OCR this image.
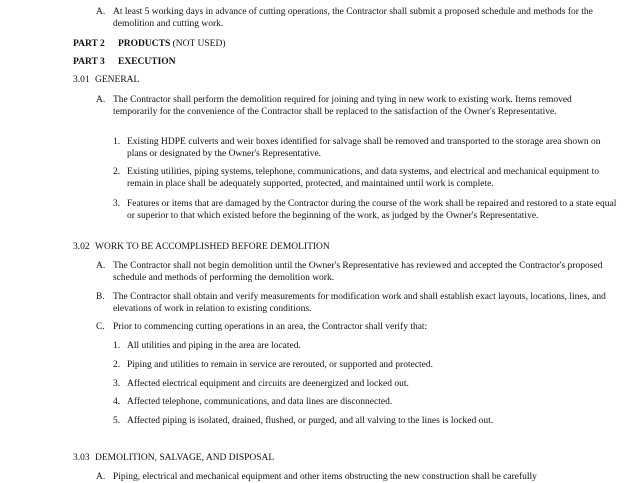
A. At least 5 working days in advance of cutting operations, the Contractor shall submit a proposed schedule and methods for the demolition and cutting work.
PART 2	PRODUCTS
(NOT USED)
PART 3	EXECUTION
3.01 GENERAL
A. The Contractor shall perform the demolition required for joining and tying in new work to existing work. Items removed temporarily for the convenience of the Contractor shall be replaced to the satisfaction of the Owner's Representative.
1. Existing HDPE culverts and weir boxes identified for salvage shall be removed and transported to the storage area shown on plans or designated by the Owner's Representative.
2. Existing utilities, piping systems, telephone, communications, and data systems, and electrical and mechanical equipment to remain in place shall be adequately supported, protected, and maintained until work is complete.
3. Features or items that are damaged by the Contractor during the course of the work shall be repaired and restored to a state equal or superior to that which existed before the beginning of the work, as judged by the Owner's Representative.
3.02 WORK TO BE ACCOMPLISHED BEFORE DEMOLITION
A. The Contractor shall not begin demolition until the Owner's Representative has reviewed and accepted the Contractor's proposed schedule and methods of performing the demolition work.
B. The Contractor shall obtain and verify measurements for modification work and shall establish exact layouts, locations, lines, and elevations of work in relation to existing conditions.
C. Prior to commencing cutting operations in an area, the Contractor shall verify that:
1. All utilities and piping in the area are located.
2. Piping and utilities to remain in service are rerouted, or supported and protected.
3. Affected electrical equipment and circuits are deenergized and locked out.
4. Affected telephone, communications, and data lines are disconnected.
5. Affected piping is isolated, drained, flushed, or purged, and all valving to the lines is locked out.
3.03 DEMOLITION, SALVAGE, AND DISPOSAL
A. Piping, electrical and mechanical equipment and other items obstructing the new construction shall be carefully
